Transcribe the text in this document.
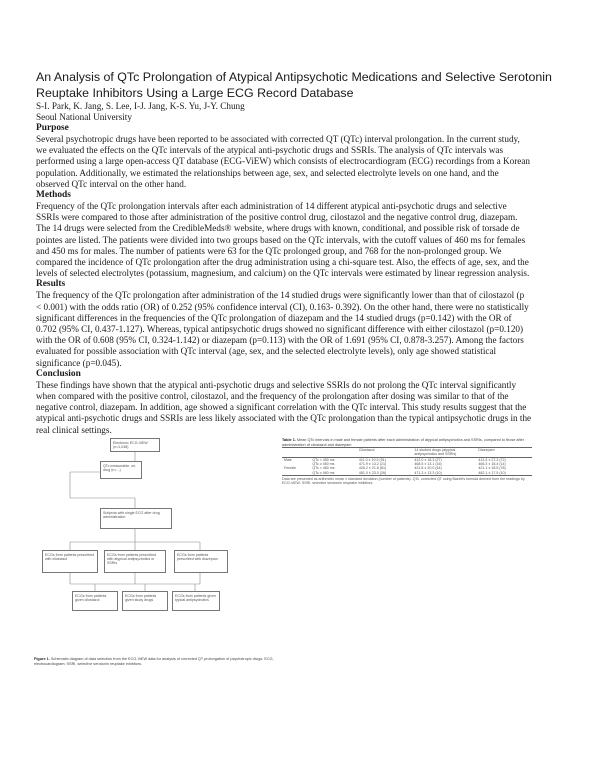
An Analysis of QTc Prolongation of Atypical Antipsychotic Medications and Selective Serotonin
Reuptake Inhibitors Using a Large ECG Record Database
S-I. Park, K. Jang, S. Lee, I-J. Jang, K-S. Yu, J-Y. Chung
Seoul National University
Purpose
Several psychotropic drugs have been reported to be associated with corrected QT (QTc) interval prolongation. In the current study,
we evaluated the effects on the QTc intervals of the atypical anti-psychotic drugs and SSRIs. The analysis of QTc intervals was
performed using a large open-access QT database (ECG-ViEW) which consists of electrocardiogram (ECG) recordings from a Korean
population. Additionally, we estimated the relationships between age, sex, and selected electrolyte levels on one hand, and the
observed QTc interval on the other hand.
Methods
Frequency of the QTc prolongation intervals after each administration of 14 different atypical anti-psychotic drugs and selective
SSRIs were compared to those after administration of the positive control drug, cilostazol and the negative control drug, diazepam.
The 14 drugs were selected from the CredibleMeds® website, where drugs with known, conditional, and possible risk of torsade de
pointes are listed. The patients were divided into two groups based on the QTc intervals, with the cutoff values of 460 ms for females
and 450 ms for males. The number of patients were 63 for the QTc prolonged group, and 768 for the non-prolonged group. We
compared the incidence of QTc prolongation after the drug administration using a chi-square test. Also, the effects of age, sex, and the
levels of selected electrolytes (potassium, magnesium, and calcium) on the QTc intervals were estimated by linear regression analysis.
Results
The frequency of the QTc prolongation after administration of the 14 studied drugs were significantly lower than that of cilostazol (p
< 0.001) with the odds ratio (OR) of 0.252 (95% confidence interval (CI), 0.163- 0.392). On the other hand, there were no statistically
significant differences in the frequencies of the QTc prolongation of diazepam and the 14 studied drugs (p=0.142) with the OR of
0.702 (95% CI, 0.437-1.127). Whereas, typical antipsychotic drugs showed no significant difference with either cilostazol (p=0.120)
with the OR of 0.608 (95% CI, 0.324-1.142) or diazepam (p=0.113) with the OR of 1.691 (95% CI, 0.878-3.257). Among the factors
evaluated for possible association with QTc interval (age, sex, and the selected electrolyte levels), only age showed statistical
significance (p=0.045).
Conclusion
These findings have shown that the atypical anti-psychotic drugs and selective SSRIs do not prolong the QTc interval significantly
when compared with the positive control, cilostazol, and the frequency of the prolongation after dosing was similar to that of the
negative control, diazepam. In addition, age showed a significant correlation with the QTc interval. This study results suggest that the
atypical anti-psychotic drugs and SSRIs are less likely associated with the QTc prolongation than the typical antipsychotic drugs in the
real clinical settings.
Electronic ECG-ViEW (n=1,048)
QTc measurable, on-drug (n=...)
Subjects with single ECG after drug administration
ECGs from patients prescribed with cilostazol
ECGs from patients prescribed with atypical antipsychotics or SSRIs
ECGs from patients prescribed with diazepam
ECGs from patients given cilostazol
ECGs from patients given study drugs
ECGs from patients given typical antipsychotics
Figure 1. Schematic diagram of data selection from the ECG-ViEW data for analysis of corrected QT prolongation of psychotropic drugs. ECG, electrocardiogram; SSRI, selective serotonin reuptake inhibitors.
Table 1. Mean QTc intervals in male and female patients after each administration of atypical antipsychotics and SSRIs, compared to those after administration of cilostazol and diazepam
		Cilostazol	14 studied drugs (atypical antipsychotics and SSRIs)	Diazepam
Male	QTc < 450 ms	411.0 ± 19.9 (51)	412.0 ± 18.3 (27)	413.4 ± 27.3 (72)
	QTc ≥ 450 ms	471.9 ± 13.2 (21)	468.5 ± 13.1 (16)	466.3 ± 16.4 (14)
Female	QTc < 460 ms	426.2 ± 21.8 (81)	421.8 ± 20.0 (44)	421.1 ± 18.5 (78)
	QTc ≥ 460 ms	481.0 ± 23.0 (26)	471.3 ± 13.3 (10)	482.1 ± 17.5 (10)
Data are presented as arithmetic mean ± standard deviation (number of patients). QTc, corrected QT using Bazett's formula derived from the readings by ECG-ViEW; SSRI, selective serotonin reuptake inhibitors.
